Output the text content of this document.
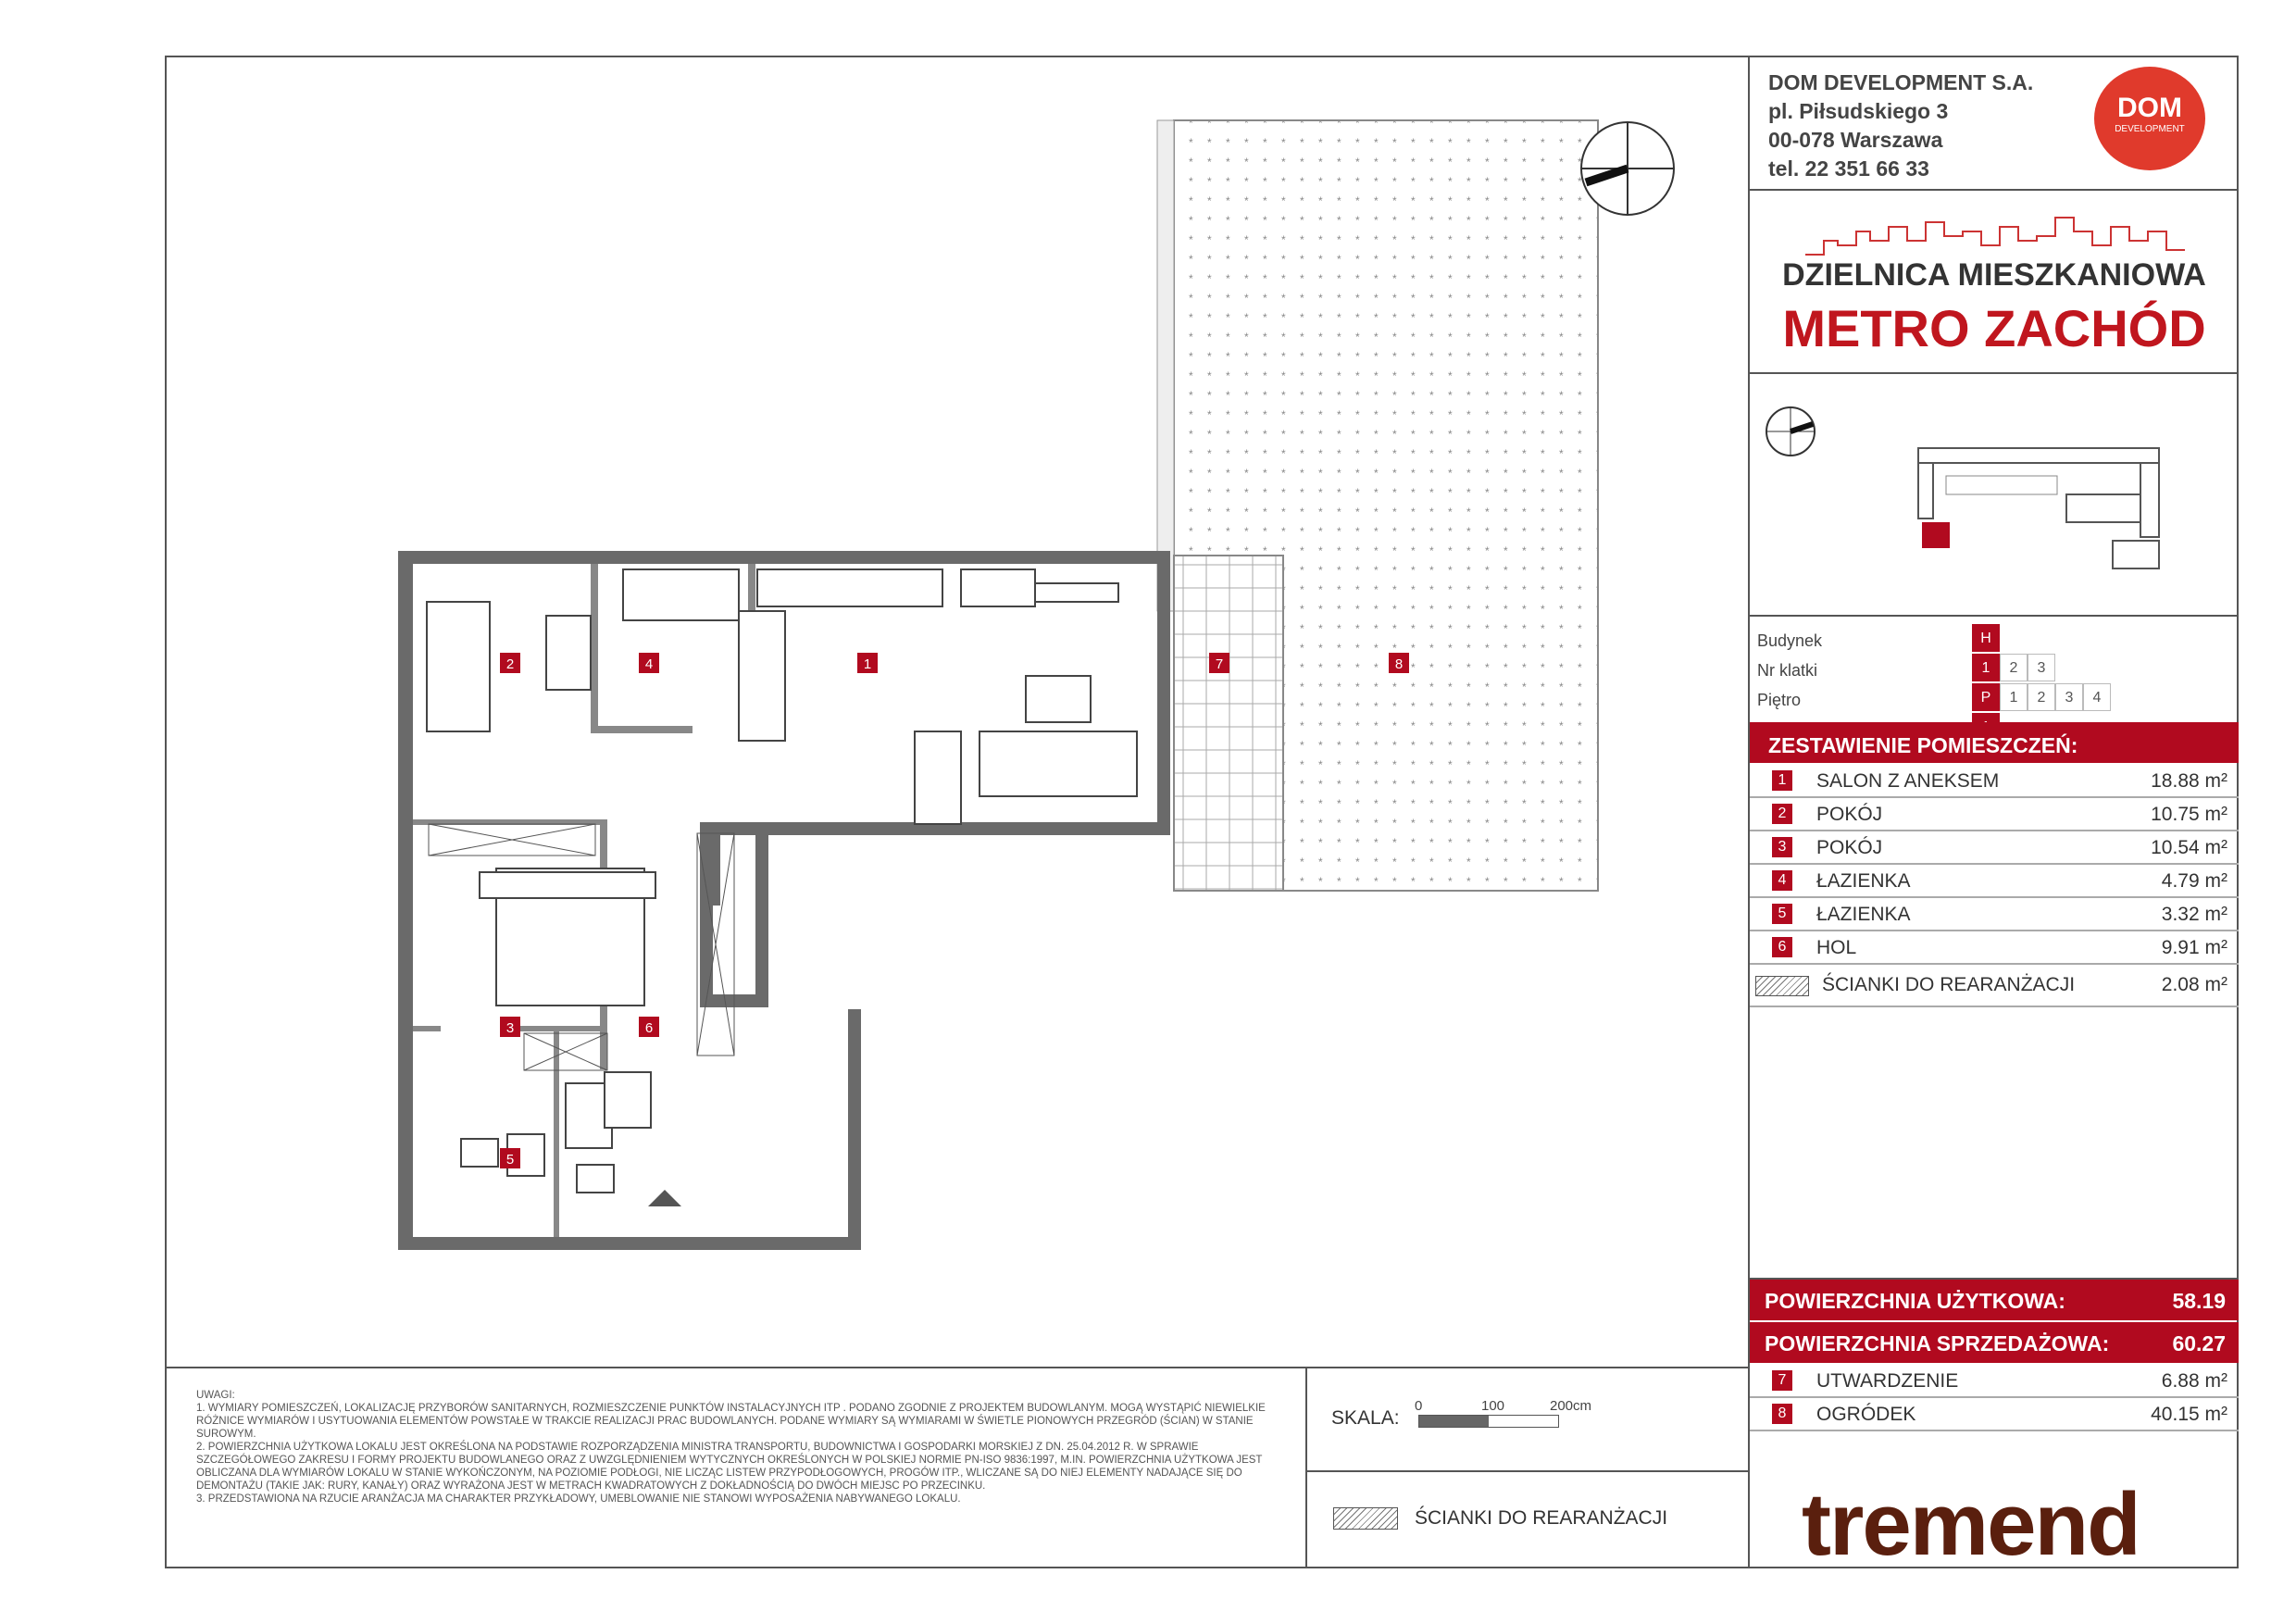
1
2
3
4
5
6
7	8
DOM DEVELOPMENT S.A.
pl. Piłsudskiego 3
00-078 Warszawa
tel. 22 351 66 33
DOM
DEVELOPMENT
DZIELNICA MIESZKANIOWA
METRO ZACHÓD
Budynek	H
Nr klatki	1	2	3
Piętro	P	1	2	3	4
ZESTAWIENIE POMIESZCZEŃ:
1	SALON Z ANEKSEM	18.88 m²
2	POKÓJ	10.75 m²
3	POKÓJ	10.54 m²
4	ŁAZIENKA	4.79 m²
5	ŁAZIENKA	3.32 m²
6	HOL	9.91 m²
ŚCIANKI DO REARANŻACJI	2.08 m²
POWIERZCHNIA UŻYTKOWA:	58.19
POWIERZCHNIA SPRZEDAŻOWA:	60.27
7	UTWARDZENIE	6.88 m²
8	OGRÓDEK	40.15 m²
tremend
UWAGI:
1. WYMIARY POMIESZCZEŃ, LOKALIZACJĘ PRZYBORÓW SANITARNYCH, ROZMIESZCZENIE PUNKTÓW INSTALACYJNYCH ITP . PODANO ZGODNIE Z PROJEKTEM BUDOWLANYM. MOGĄ WYSTĄPIĆ NIEWIELKIE RÓŻNICE WYMIARÓW I USYTUOWANIA ELEMENTÓW POWSTAŁE W TRAKCIE REALIZACJI PRAC BUDOWLANYCH. PODANE WYMIARY SĄ WYMIARAMI W ŚWIETLE PIONOWYCH PRZEGRÓD (ŚCIAN) W STANIE SUROWYM.
2. POWIERZCHNIA UŻYTKOWA LOKALU JEST OKREŚLONA NA PODSTAWIE ROZPORZĄDZENIA MINISTRA TRANSPORTU, BUDOWNICTWA I GOSPODARKI MORSKIEJ Z DN. 25.04.2012 R. W SPRAWIE SZCZEGÓŁOWEGO ZAKRESU I FORMY PROJEKTU BUDOWLANEGO ORAZ Z UWZGLĘDNIENIEM WYTYCZNYCH OKREŚLONYCH W POLSKIEJ NORMIE PN-ISO 9836:1997, M.IN. POWIERZCHNIA UŻYTKOWA JEST OBLICZANA DLA WYMIARÓW LOKALU W STANIE WYKOŃCZONYM, NA POZIOMIE PODŁOGI, NIE LICZĄC LISTEW PRZYPODŁOGOWYCH, PROGÓW ITP., WLICZANE SĄ DO NIEJ ELEMENTY NADAJĄCE SIĘ DO DEMONTAŻU (TAKIE JAK: RURY, KANAŁY) ORAZ WYRAŻONA JEST W METRACH KWADRATOWYCH Z DOKŁADNOŚCIĄ DO DWÓCH MIEJSC PO PRZECINKU.
3. PRZEDSTAWIONA NA RZUCIE ARANŻACJA MA CHARAKTER PRZYKŁADOWY, UMEBLOWANIE NIE STANOWI WYPOSAŻENIA NABYWANEGO LOKALU.
SKALA:
0	100	200cm
ŚCIANKI DO REARANŻACJI
